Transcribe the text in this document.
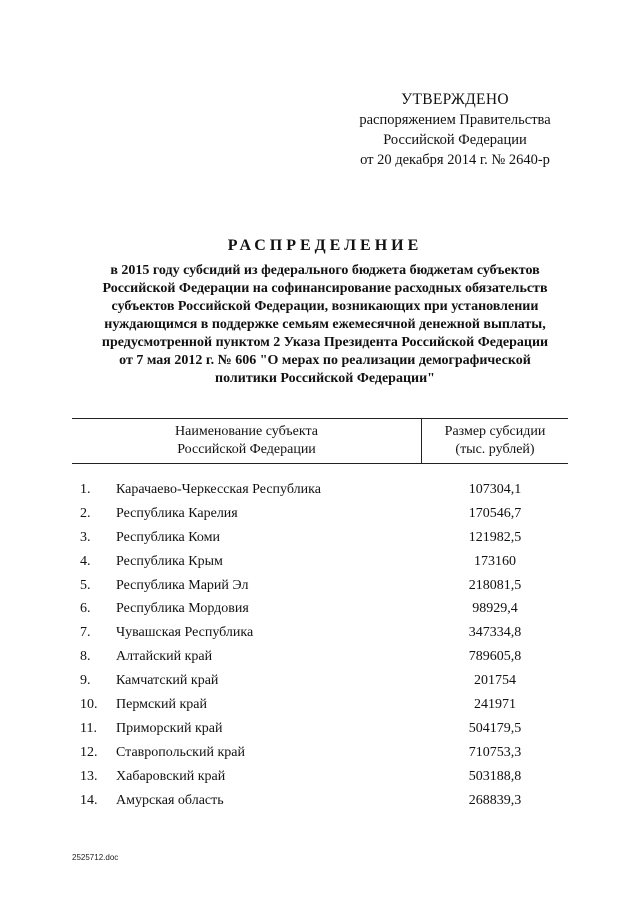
УТВЕРЖДЕНО
распоряжением Правительства
Российской Федерации
от 20 декабря 2014 г. № 2640-р
РАСПРЕДЕЛЕНИЕ
в 2015 году субсидий из федерального бюджета бюджетам субъектов
Российской Федерации на софинансирование расходных обязательств
субъектов Российской Федерации, возникающих при установлении
нуждающимся в поддержке семьям ежемесячной денежной выплаты,
предусмотренной пунктом 2 Указа Президента Российской Федерации
от 7 мая 2012 г. № 606 "О мерах по реализации демографической
политики Российской Федерации"
Наименование субъекта
Российской Федерации
Размер субсидии
(тыс. рублей)
1.	Карачаево-Черкесская Республика	107304,1
2.	Республика Карелия	170546,7
3.	Республика Коми	121982,5
4.	Республика Крым	173160
5.	Республика Марий Эл	218081,5
6.	Республика Мордовия	98929,4
7.	Чувашская Республика	347334,8
8.	Алтайский край	789605,8
9.	Камчатский край	201754
10.	Пермский край	241971
11.	Приморский край	504179,5
12.	Ставропольский край	710753,3
13.	Хабаровский край	503188,8
14.	Амурская область	268839,3
2525712.doc
